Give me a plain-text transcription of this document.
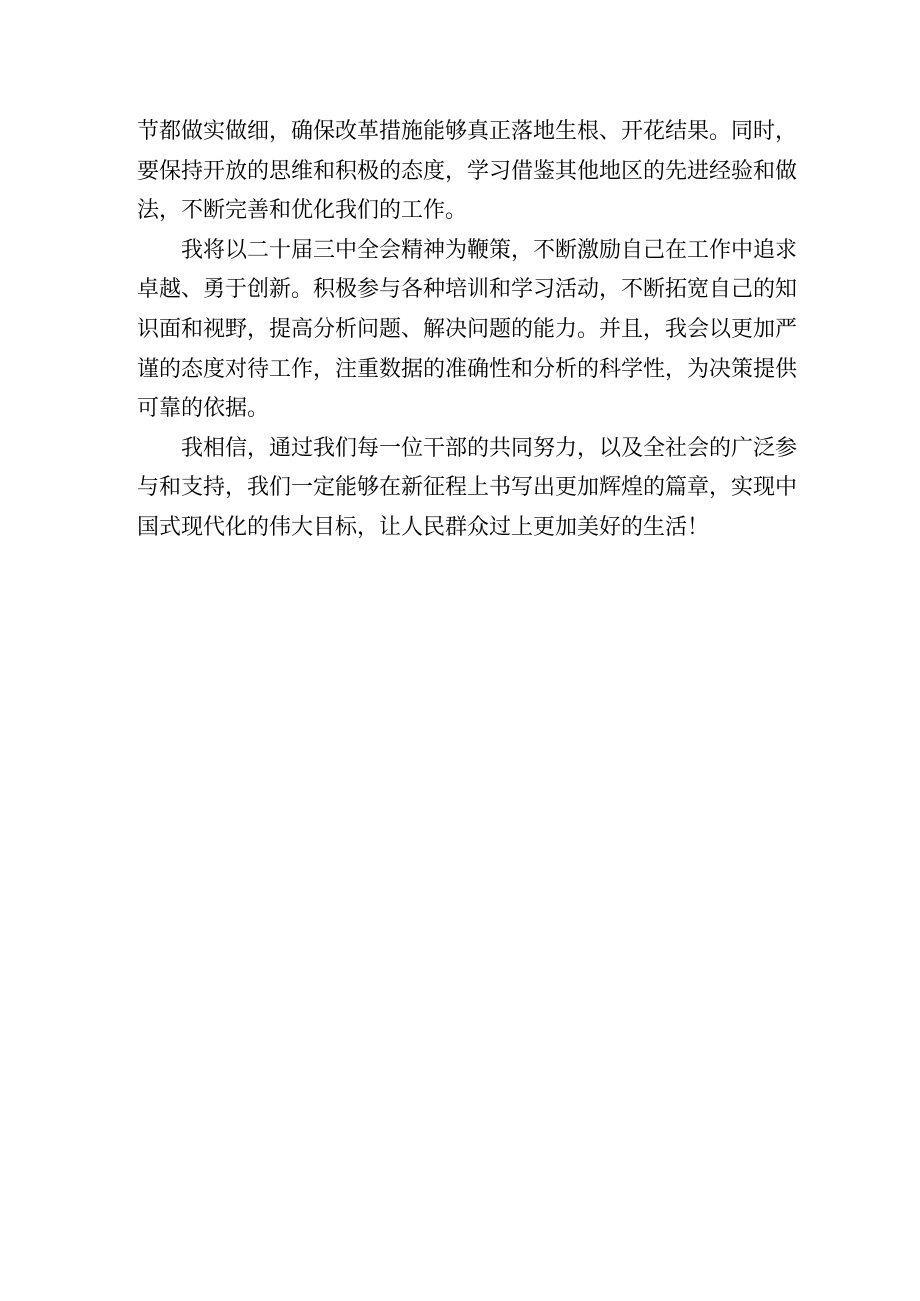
节都做实做细，确保改革措施能够真正落地生根、开花结果。同时，要保持开放的思维和积极的态度，学习借鉴其他地区的先进经验和做法，不断完善和优化我们的工作。

我将以二十届三中全会精神为鞭策，不断激励自己在工作中追求卓越、勇于创新。积极参与各种培训和学习活动，不断拓宽自己的知识面和视野，提高分析问题、解决问题的能力。并且，我会以更加严谨的态度对待工作，注重数据的准确性和分析的科学性，为决策提供可靠的依据。

我相信，通过我们每一位干部的共同努力，以及全社会的广泛参与和支持，我们一定能够在新征程上书写出更加辉煌的篇章，实现中国式现代化的伟大目标，让人民群众过上更加美好的生活！
